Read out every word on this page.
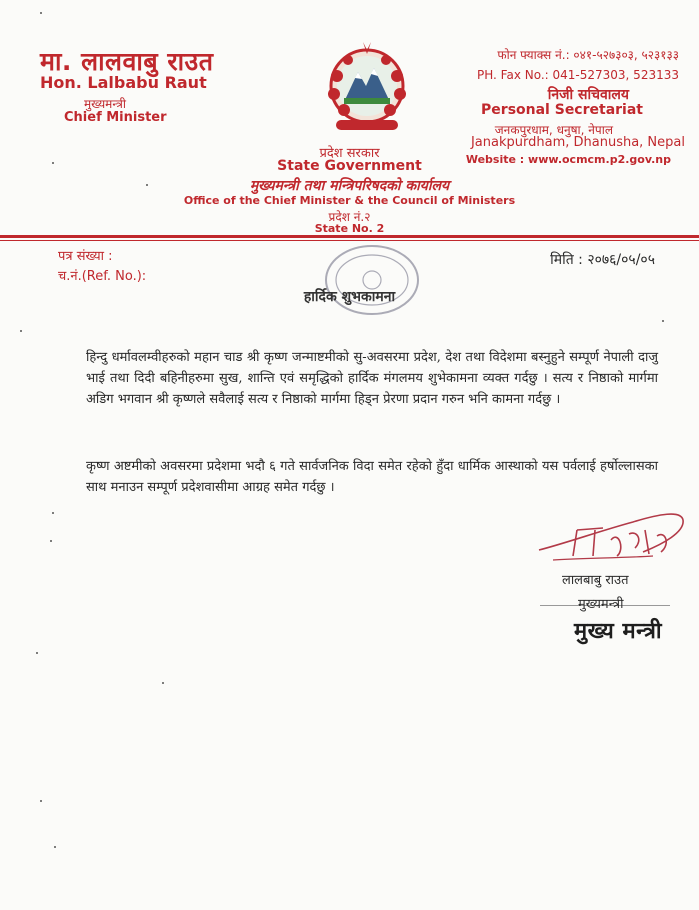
मा. लालवाबु राउत
Hon. Lalbabu Raut
मुख्यमन्त्री
Chief Minister
फोन फ्याक्स नं.: ०४१-५२७३०३, ५२३१३३
PH. Fax No.: 041-527303, 523133
निजी सचिवालय
Personal Secretariat
जनकपुरधाम, धनुषा, नेपाल
Janakpurdham, Dhanusha, Nepal
Website : www.ocmcm.p2.gov.np
प्रदेश सरकार
State Government
मुख्यमन्त्री तथा मन्त्रिपरिषदको कार्यालय
Office of the Chief Minister & the Council of Ministers
प्रदेश नं.२
State No. 2
पत्र संख्या :
च.नं.(Ref. No.):
मिति : २०७६/०५/०५
हार्दिक शुभकामना
हिन्दु धर्मावलम्वीहरुको महान चाड श्री कृष्ण जन्माष्टमीको सु-अवसरमा प्रदेश, देश तथा विदेशमा बस्नुहुने सम्पूर्ण नेपाली दाजु भाई तथा दिदी बहिनीहरुमा सुख, शान्ति एवं समृद्धिको हार्दिक मंगलमय शुभेकामना व्यक्त गर्दछु । सत्य र निष्ठाको मार्गमा अडिग भगवान श्री कृष्णले सवैलाई सत्य र निष्ठाको मार्गमा हिड्न प्रेरणा प्रदान गरुन भनि कामना गर्दछु ।
कृष्ण अष्टमीको अवसरमा प्रदेशमा भदौ ६ गते सार्वजनिक विदा समेत रहेको हुँदा धार्मिक आस्थाको यस पर्वलाई हर्षोल्लासका साथ मनाउन सम्पूर्ण प्रदेशवासीमा आग्रह समेत गर्दछु ।
लालबाबु राउत
मुख्यमन्त्री
मुख्य मन्त्री
